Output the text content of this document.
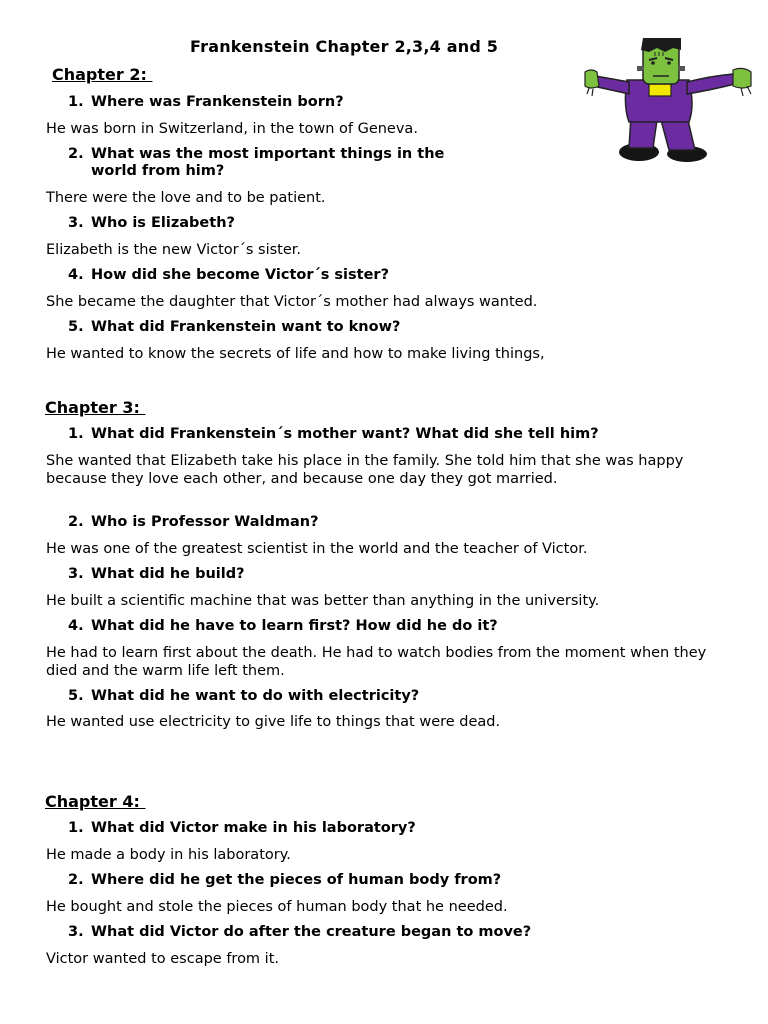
Frankenstein Chapter 2,3,4 and 5
Chapter 2:
1. Where was Frankenstein born?
He was born in Switzerland, in the town of Geneva.
2. What was the most important things in the
world from him?
There were the love and to be patient.
3. Who is Elizabeth?
Elizabeth is the new Victor´s sister.
4. How did she become Victor´s sister?
She became the daughter that Victor´s mother had always wanted.
5. What did Frankenstein want to know?
He wanted to know the secrets of life and how to make living things,
Chapter 3:
1. What did Frankenstein´s mother want? What did she tell him?
She wanted that Elizabeth take his place in the family. She told him that she was happy because they love each other, and because one day they got married.
2. Who is Professor Waldman?
He was one of the greatest scientist in the world and the teacher of Victor.
3. What did he build?
He built a scientific machine that was better than anything in the university.
4. What did he have to learn first? How did he do it?
He had to learn first about the death. He had to watch bodies from the moment when they died and the warm life left them.
5. What did he want to do with electricity?
He wanted use electricity to give life to things that were dead.
Chapter 4:
1. What did Victor make in his laboratory?
He made a body in his laboratory.
2. Where did he get the pieces of human body from?
He bought and stole the pieces of human body that he needed.
3. What did Victor do after the creature began to move?
Victor wanted to escape from it.
